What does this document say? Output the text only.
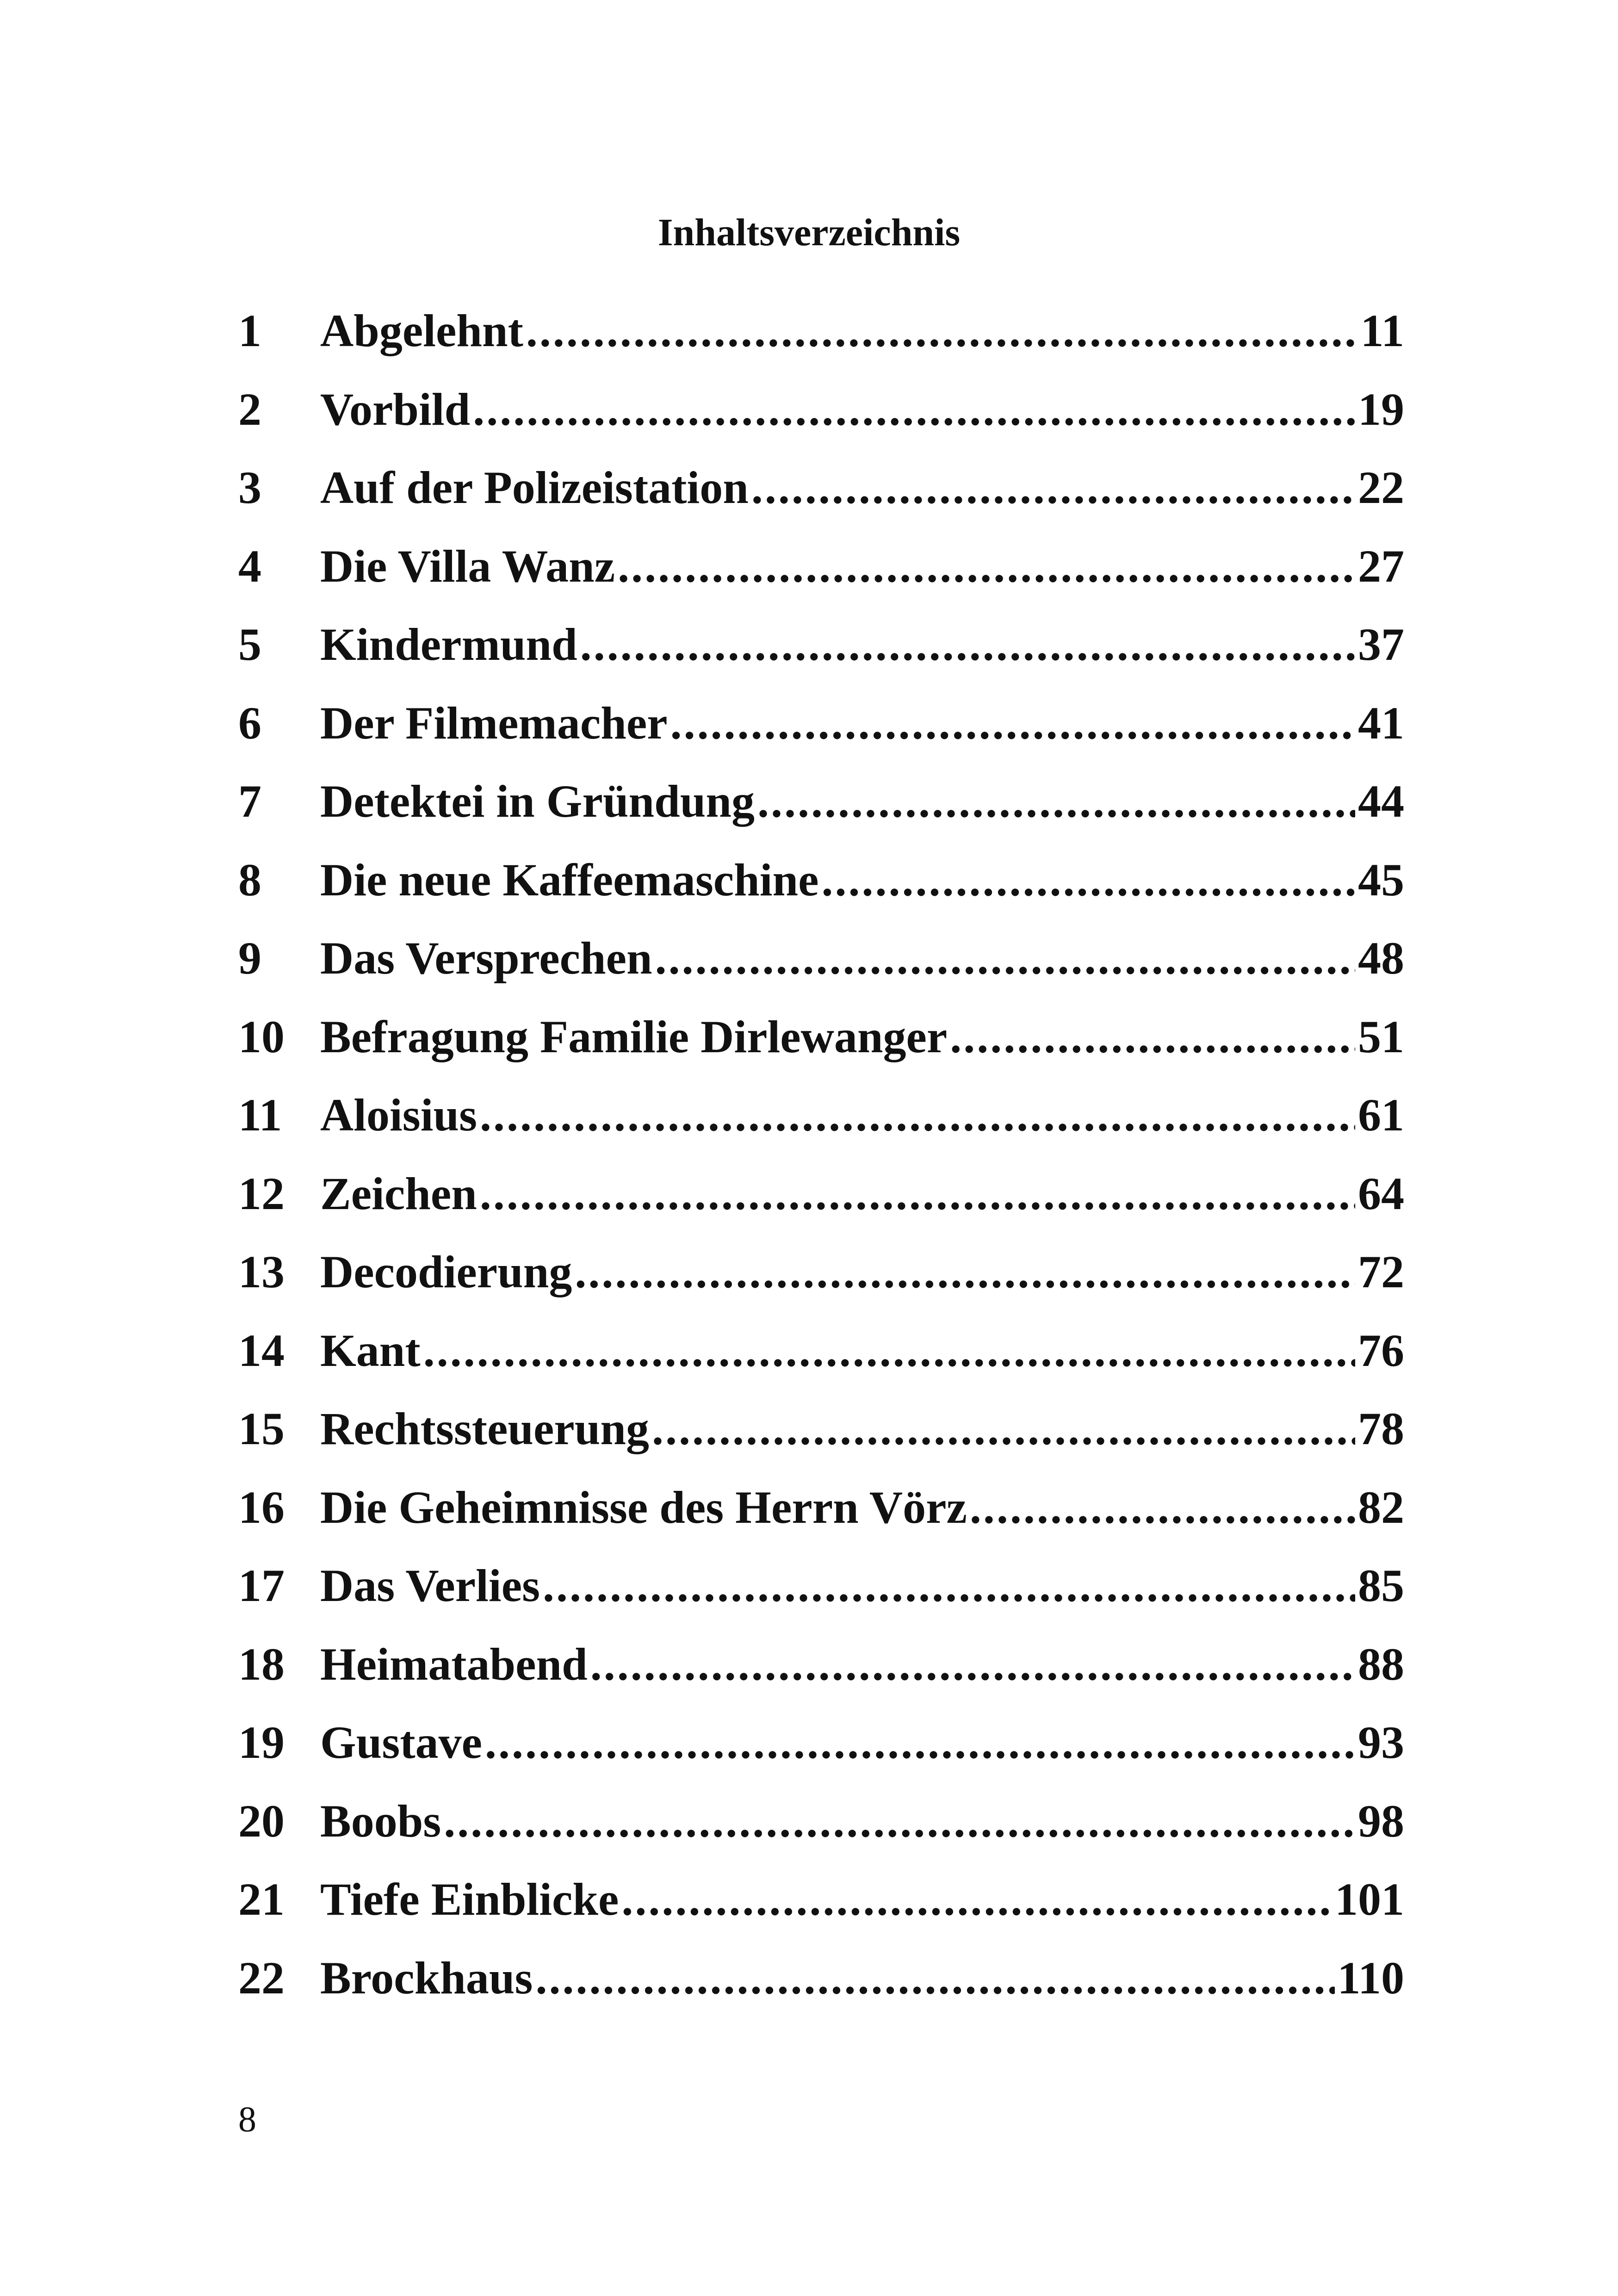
Inhaltsverzeichnis
1	Abgelehnt .....	11
2	Vorbild .....	19
3	Auf der Polizeistation .....	22
4	Die Villa Wanz .....	27
5	Kindermund .....	37
6	Der Filmemacher .....	41
7	Detektei in Gründung .....	44
8	Die neue Kaffeemaschine .....	45
9	Das Versprechen .....	48
10 Befragung Familie Dirlewanger .....	51
11 Aloisius .....	61
12 Zeichen .....	64
13 Decodierung .....	72
14 Kant .....	76
15 Rechtssteuerung .....	78
16 Die Geheimnisse des Herrn Vörz .....	82
17 Das Verlies .....	85
18 Heimatabend .....	88
19 Gustave .....	93
20 Boobs .....	98
21 Tiefe Einblicke .....	101
22 Brockhaus .....	110
8
